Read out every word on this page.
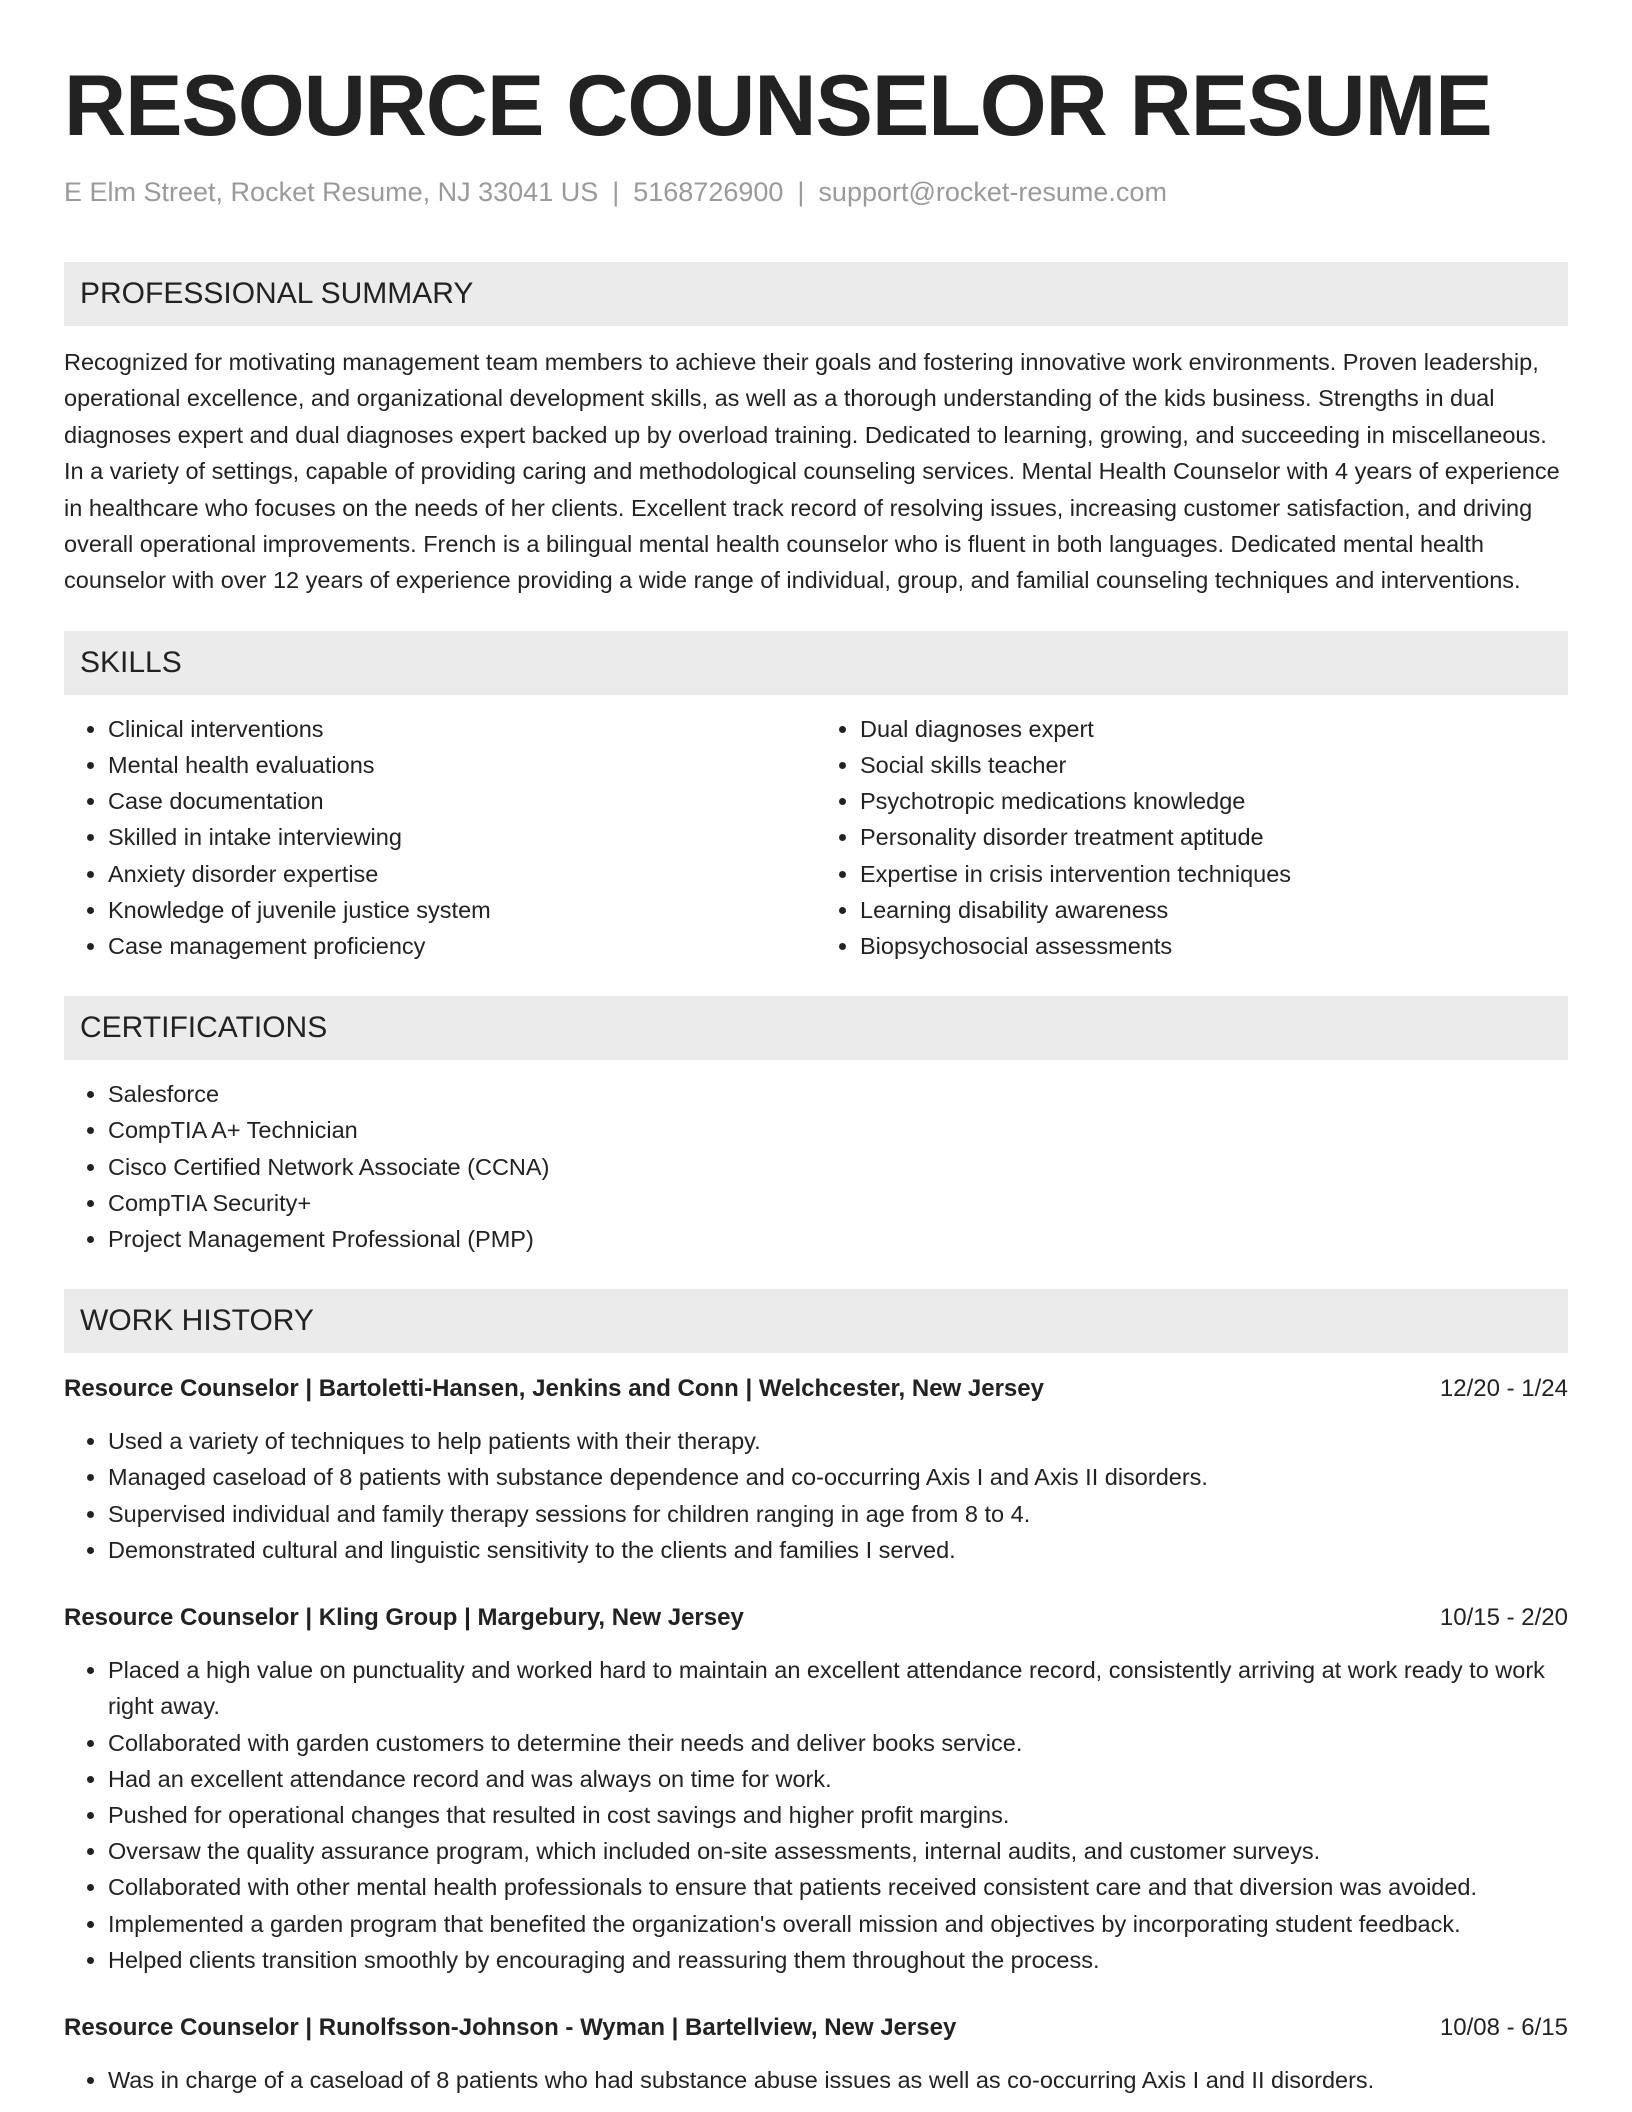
RESOURCE COUNSELOR RESUME
E Elm Street, Rocket Resume, NJ 33041 US | 5168726900 | support@rocket-resume.com
PROFESSIONAL SUMMARY

Recognized for motivating management team members to achieve their goals and fostering innovative work environments. Proven leadership, operational excellence, and organizational development skills, as well as a thorough understanding of the kids business. Strengths in dual diagnoses expert and dual diagnoses expert backed up by overload training. Dedicated to learning, growing, and succeeding in miscellaneous. In a variety of settings, capable of providing caring and methodological counseling services. Mental Health Counselor with 4 years of experience in healthcare who focuses on the needs of her clients. Excellent track record of resolving issues, increasing customer satisfaction, and driving overall operational improvements. French is a bilingual mental health counselor who is fluent in both languages. Dedicated mental health counselor with over 12 years of experience providing a wide range of individual, group, and familial counseling techniques and interventions.

SKILLS
• Clinical interventions
• Mental health evaluations
• Case documentation
• Skilled in intake interviewing
• Anxiety disorder expertise
• Knowledge of juvenile justice system
• Case management proficiency
• Dual diagnoses expert
• Social skills teacher
• Psychotropic medications knowledge
• Personality disorder treatment aptitude
• Expertise in crisis intervention techniques
• Learning disability awareness
• Biopsychosocial assessments
CERTIFICATIONS
• Salesforce
• CompTIA A+ Technician
• Cisco Certified Network Associate (CCNA)
• CompTIA Security+
• Project Management Professional (PMP)
WORK HISTORY
Resource Counselor | Bartoletti-Hansen, Jenkins and Conn | Welchcester, New Jersey	12/20 - 1/24
• Used a variety of techniques to help patients with their therapy.
• Managed caseload of 8 patients with substance dependence and co-occurring Axis I and Axis II disorders.
• Supervised individual and family therapy sessions for children ranging in age from 8 to 4.
• Demonstrated cultural and linguistic sensitivity to the clients and families I served.
Resource Counselor | Kling Group | Margebury, New Jersey	10/15 - 2/20
• Placed a high value on punctuality and worked hard to maintain an excellent attendance record, consistently arriving at work ready to work right away.
• Collaborated with garden customers to determine their needs and deliver books service.
• Had an excellent attendance record and was always on time for work.
• Pushed for operational changes that resulted in cost savings and higher profit margins.
• Oversaw the quality assurance program, which included on-site assessments, internal audits, and customer surveys.
• Collaborated with other mental health professionals to ensure that patients received consistent care and that diversion was avoided.
• Implemented a garden program that benefited the organization's overall mission and objectives by incorporating student feedback.
• Helped clients transition smoothly by encouraging and reassuring them throughout the process.
Resource Counselor | Runolfsson-Johnson - Wyman | Bartellview, New Jersey	10/08 - 6/15
• Was in charge of a caseload of 8 patients who had substance abuse issues as well as co-occurring Axis I and II disorders.
